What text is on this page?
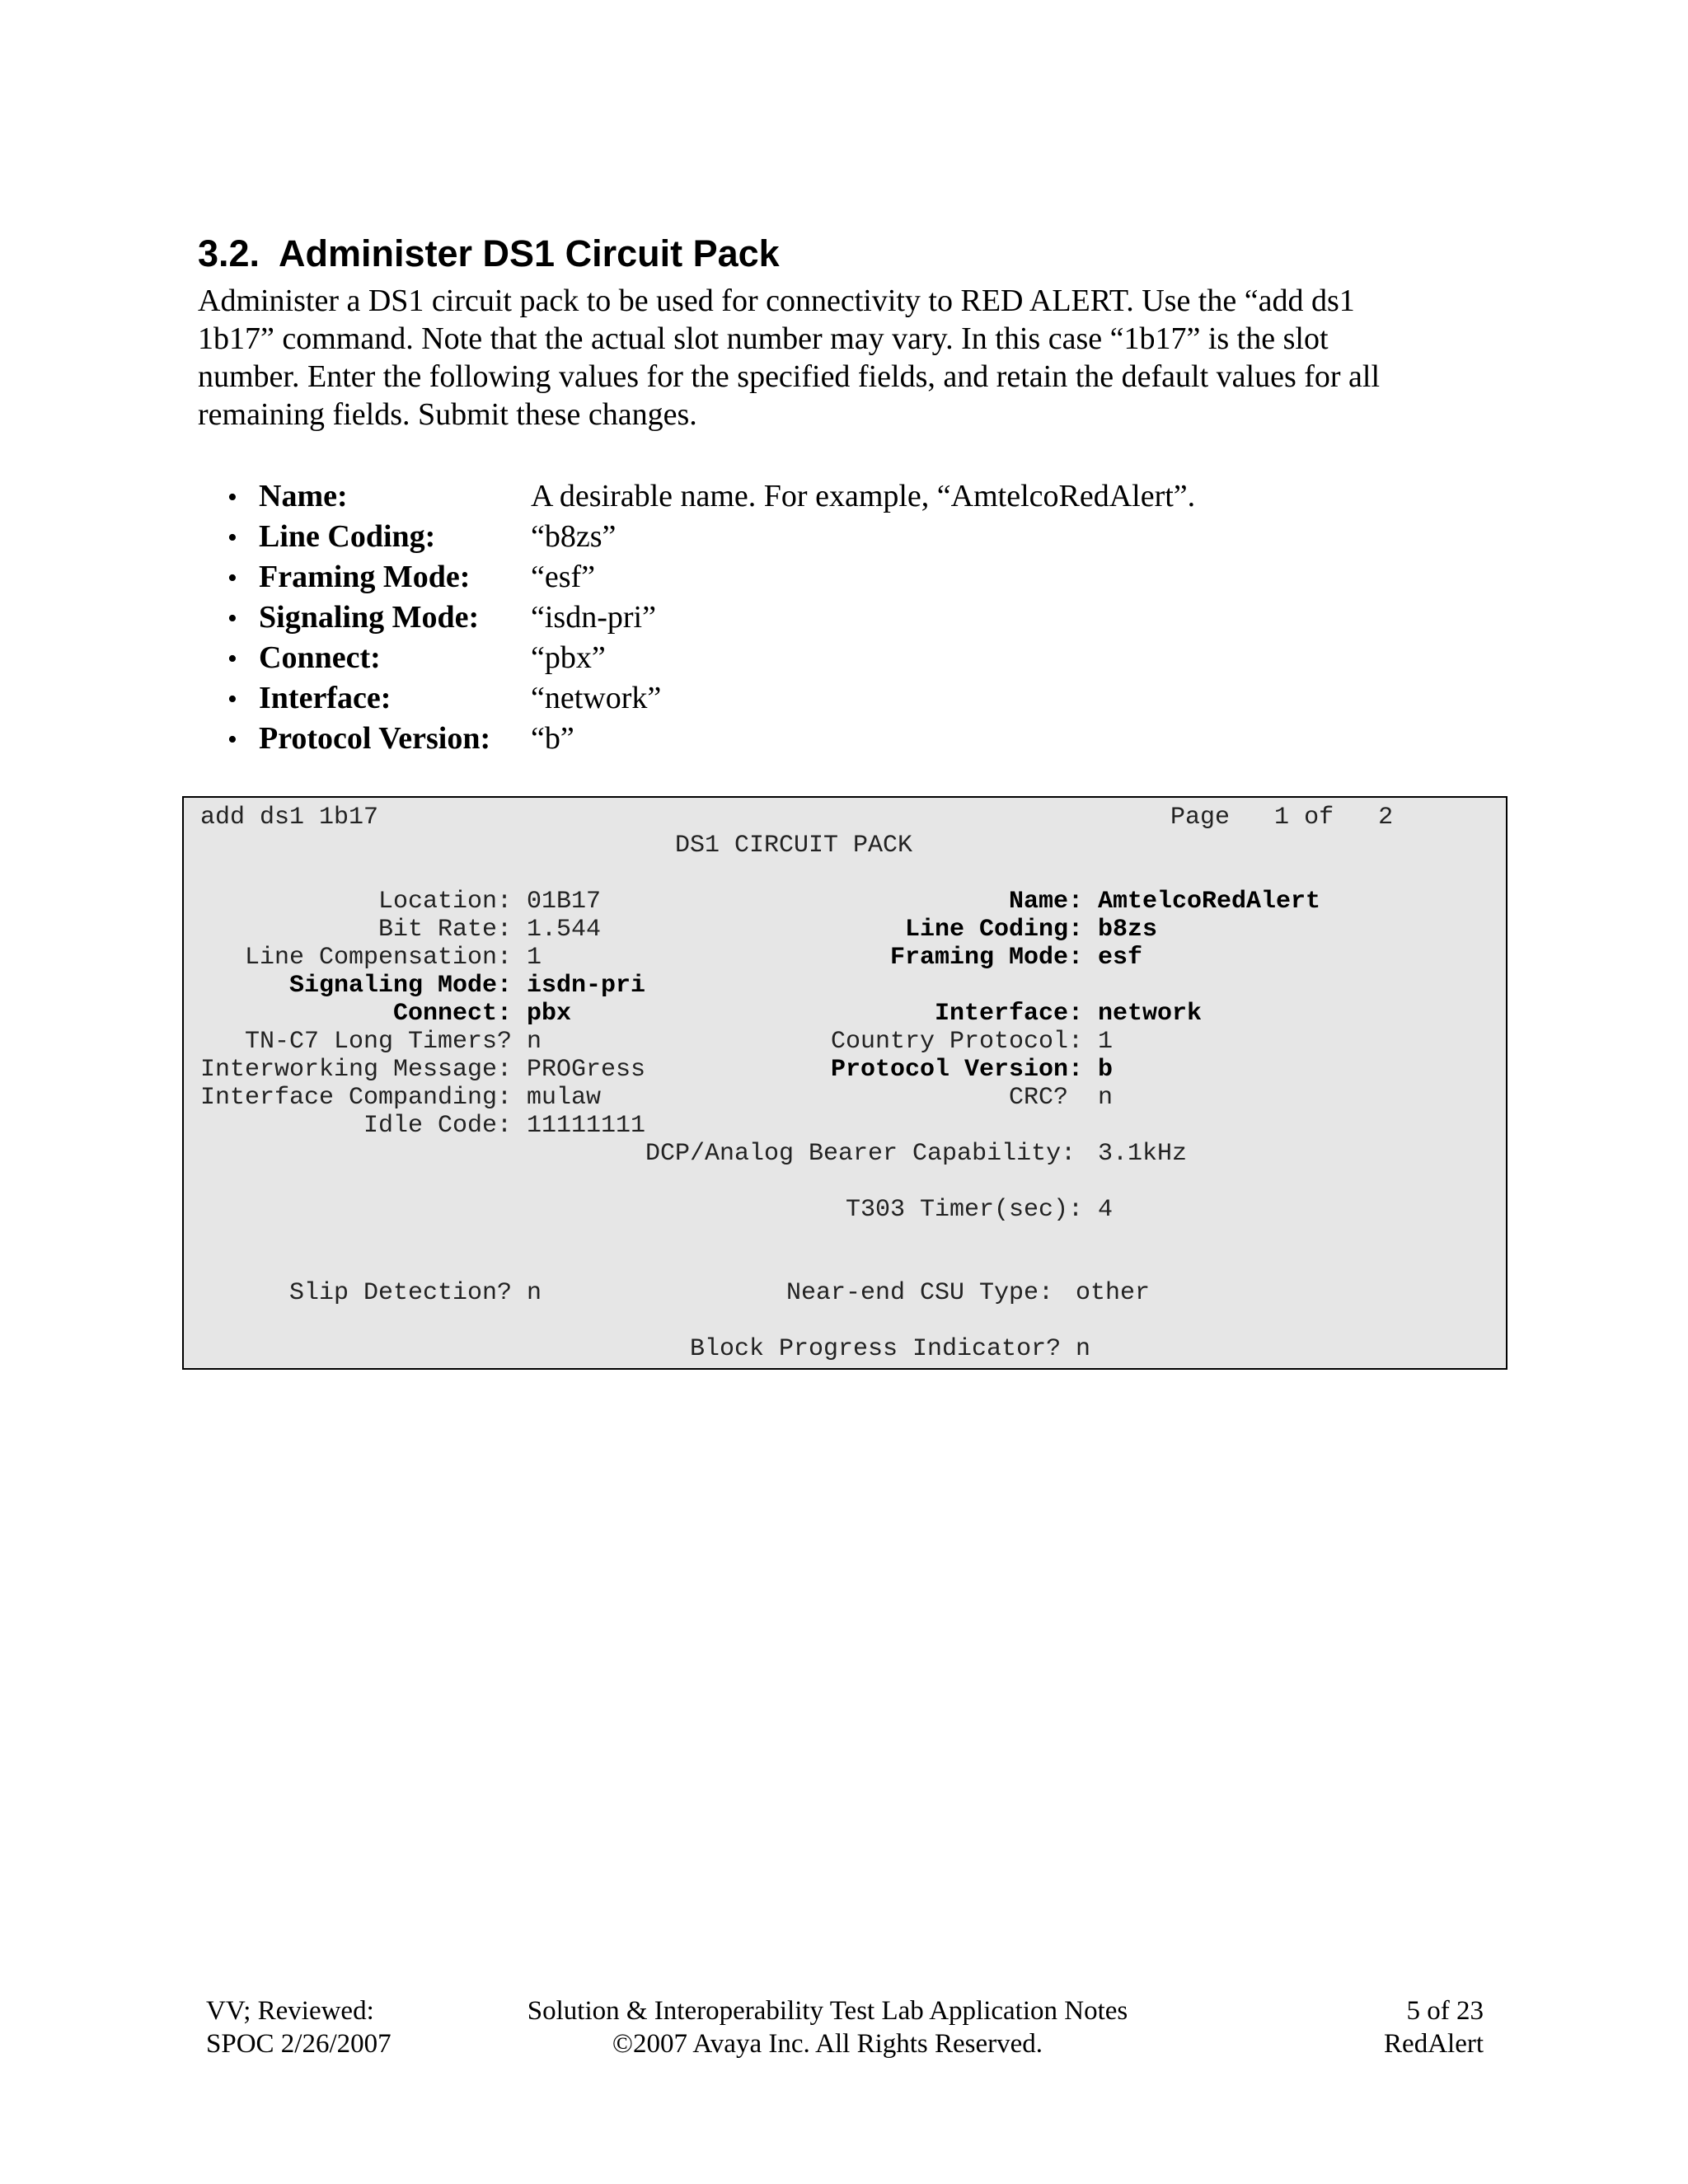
3.2. Administer DS1 Circuit Pack
Administer a DS1 circuit pack to be used for connectivity to RED ALERT. Use the “add ds1
1b17” command. Note that the actual slot number may vary. In this case “1b17” is the slot
number. Enter the following values for the specified fields, and retain the default values for all
remaining fields. Submit these changes.
• Name:	A desirable name. For example, “AmtelcoRedAlert”.
• Line Coding:	“b8zs”
• Framing Mode: “esf”
• Signaling Mode: “isdn-pri”
• Connect:	“pbx”
• Interface:	“network”
• Protocol Version: “b”
add ds1 1b17	Page 1 of 2
DS1 CIRCUIT PACK
Location: 01B17	Name: AmtelcoRedAlert
Bit Rate: 1.544	Line Coding: b8zs
Line Compensation: 1	Framing Mode: esf
Signaling Mode: isdn-pri
Connect: pbx	Interface: network
TN-C7 Long Timers? n	Country Protocol: 1
Interworking Message: PROGress	Protocol Version: b
Interface Companding: mulaw	CRC? n
Idle Code: 11111111
DCP/Analog Bearer Capability: 3.1kHz
T303 Timer(sec): 4
Slip Detection? n	Near-end CSU Type: other
Block Progress Indicator? n
VV; Reviewed:
SPOC 2/26/2007
Solution & Interoperability Test Lab Application Notes
©2007 Avaya Inc. All Rights Reserved.
5 of 23
RedAlert
